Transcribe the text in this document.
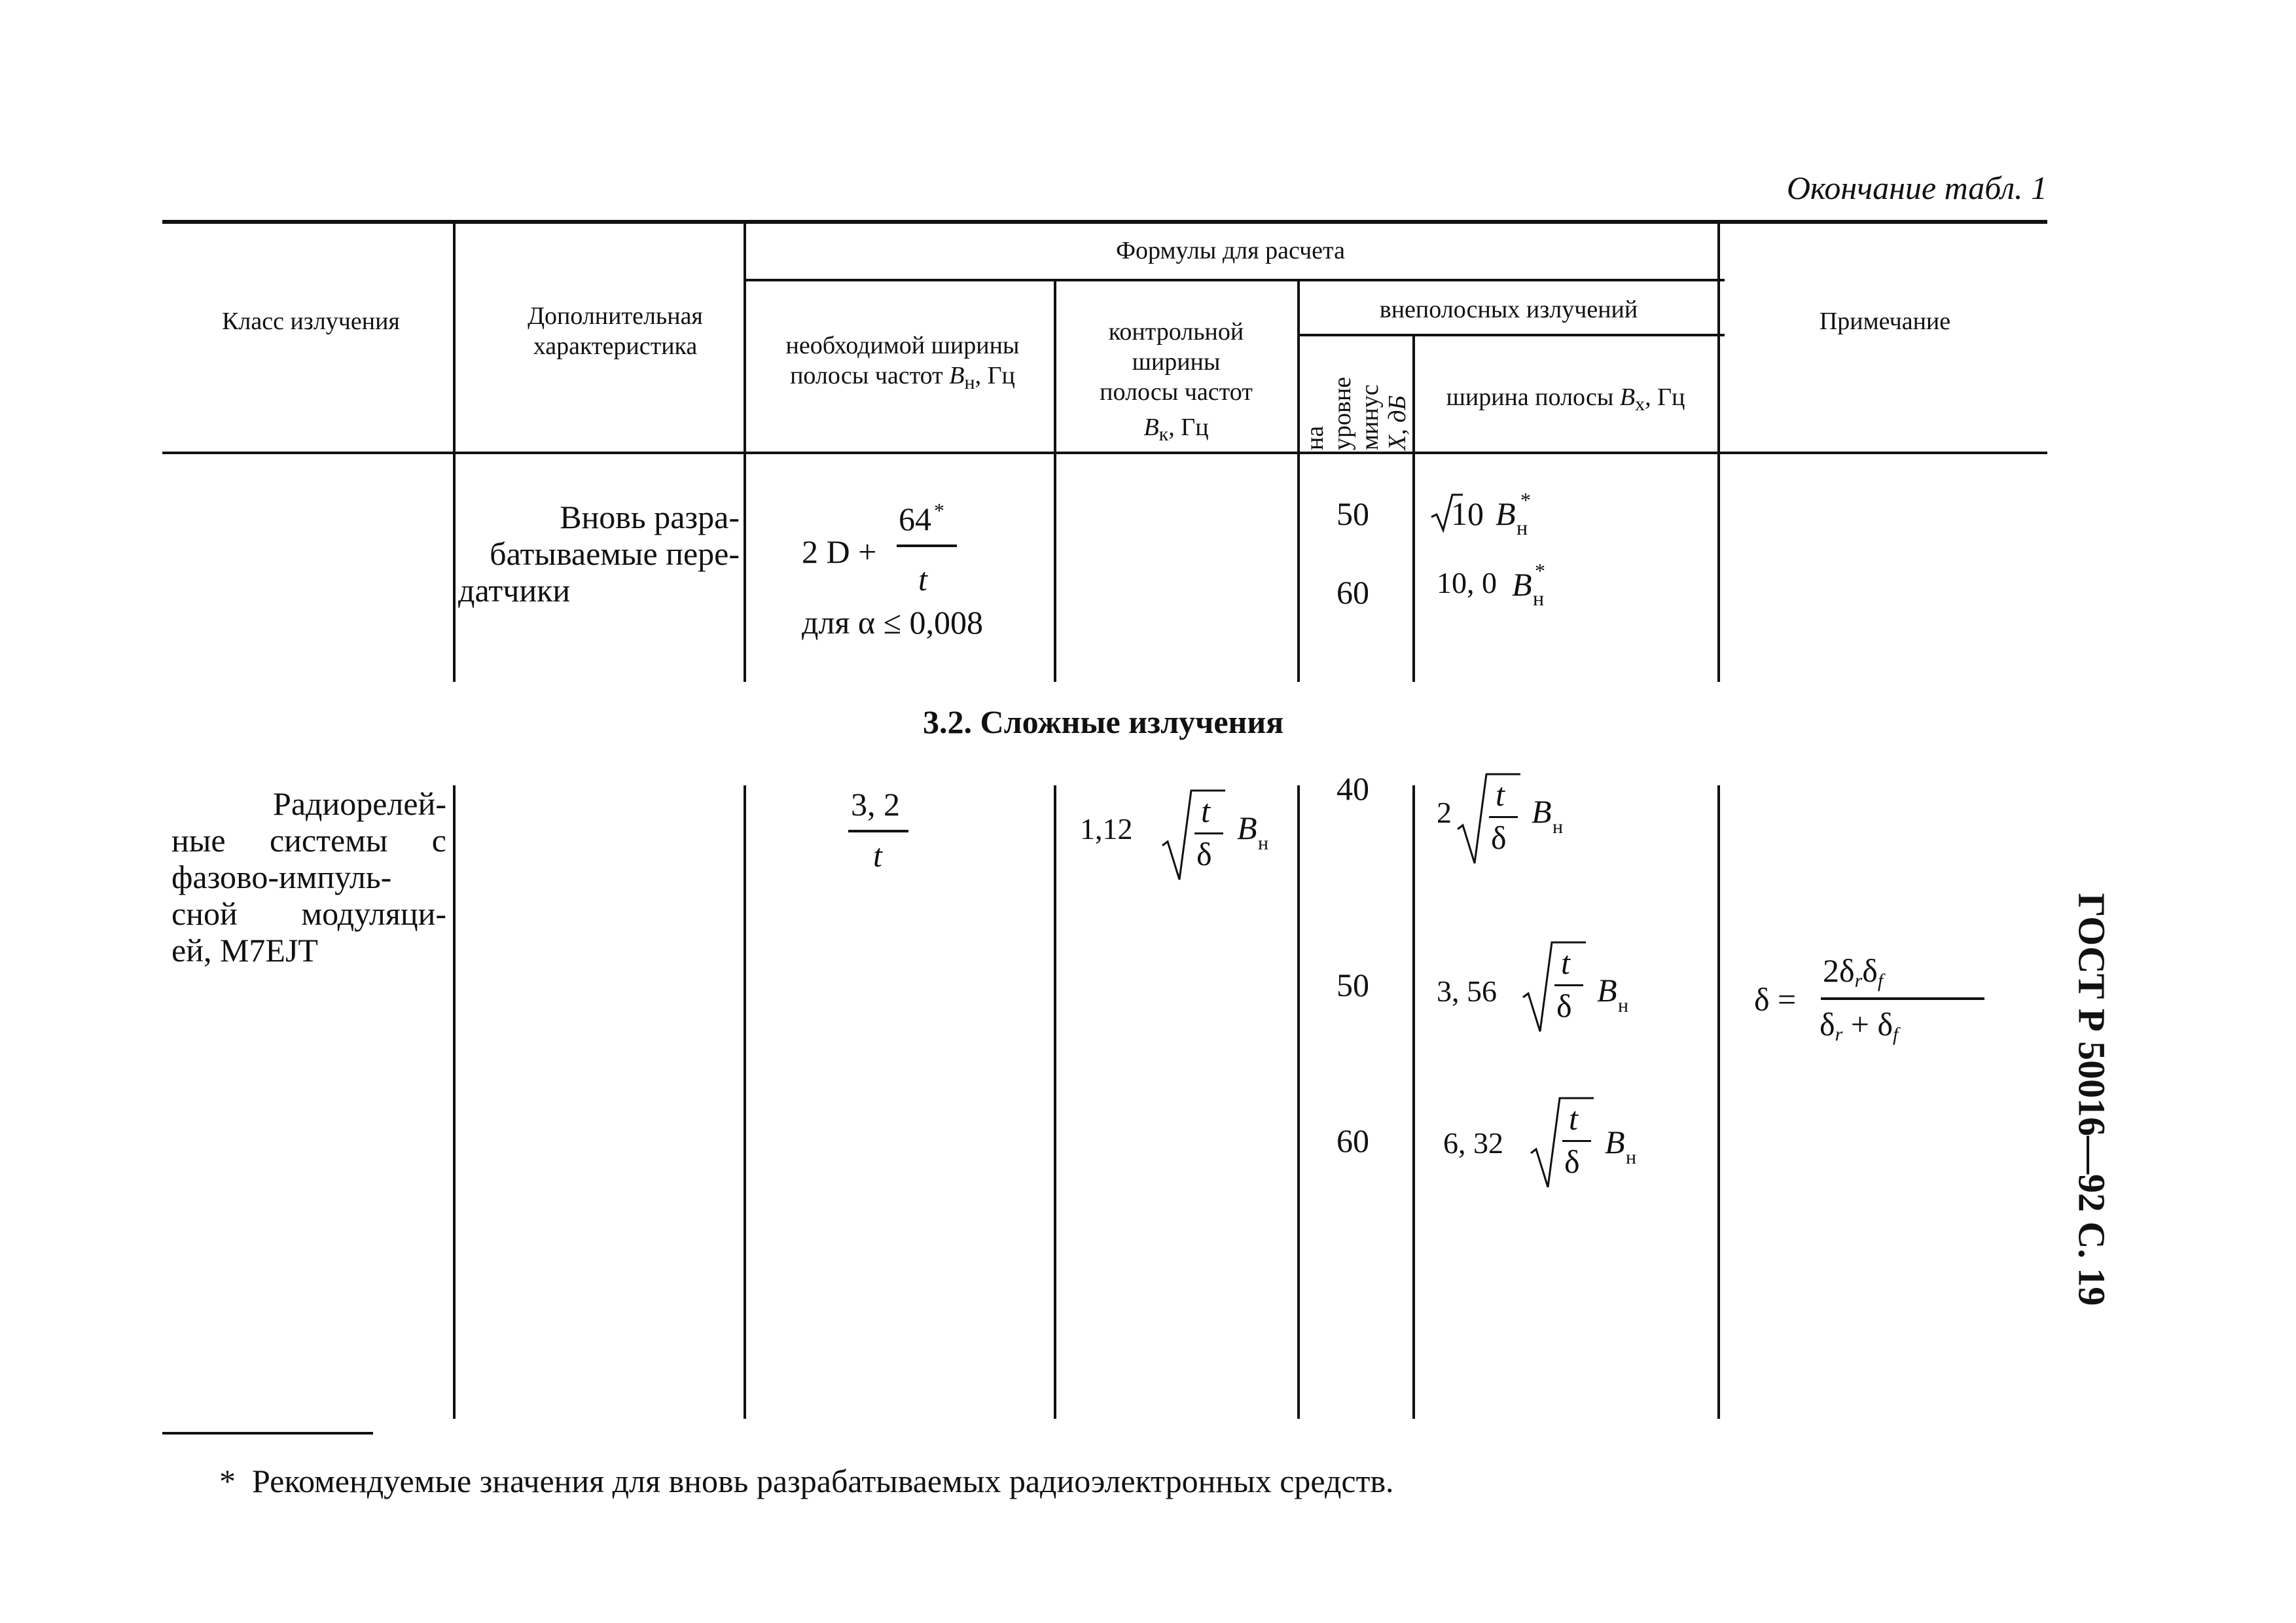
Окончание табл. 1
Класс излучения	Дополнительная характеристика
Формулы для расчета
необходимой ширины
полосы частот $B_н$, Гц
контрольной
ширины
полосы частот
$B_к$, Гц
внеполосных излучений
на уровне минус X, дБ	ширина полосы $B_x$, Гц
Примечание
Вновь разра-
батываемые пере-
датчики
2 D +
64 *
t
для α ≤ 0,008
50
60
10 B н
*
10, 0 B н
*
3.2. Сложные излучения
Радиорелей-
ные системы с
фазово-импуль-
сной модуляци-
ей, M7EJT
3, 2
t
1,12 t
δ
B н
40
50
60
2 t
δ
B н
3, 56
t
δ B н
6, 32
t
δ
B н
δ =
$2\delta_r\delta_f$
$\delta_r + \delta_f$
*  Рекомендуемые значения для вновь разрабатываемых радиоэлектронных средств.
ГОСТ Р 50016—92 С. 19
